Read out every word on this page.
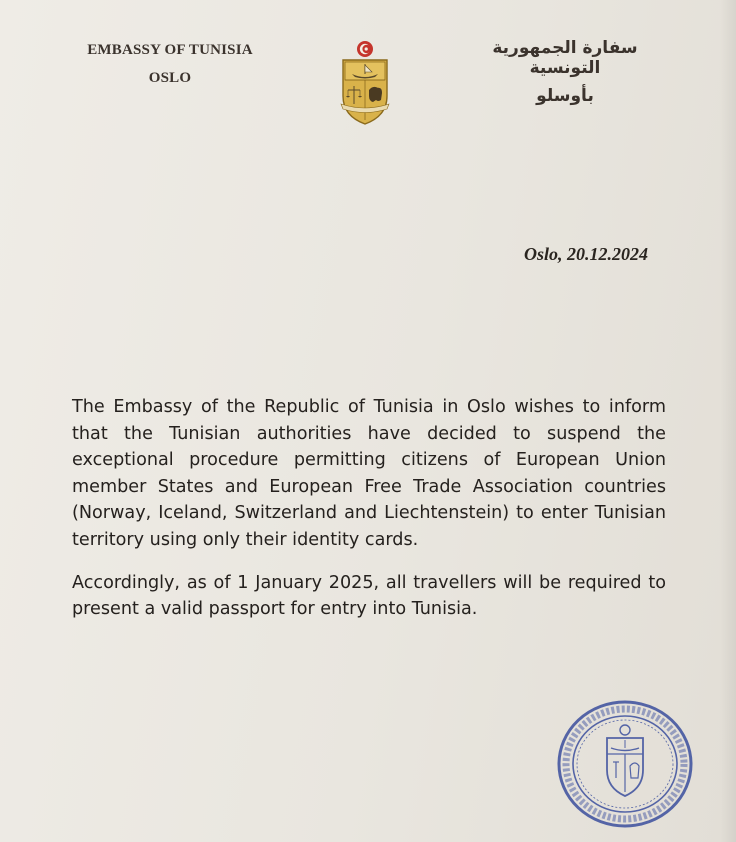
EMBASSY OF TUNISIA
OSLO
سفارة الجمهورية التونسية
بأوسلو
Oslo, 20.12.2024

The Embassy of the Republic of Tunisia in Oslo wishes to inform that the Tunisian authorities have decided to suspend the exceptional procedure permitting citizens of European Union member States and European Free Trade Association countries (Norway, Iceland, Switzerland and Liechtenstein) to enter Tunisian territory using only their identity cards.

Accordingly, as of 1 January 2025, all travellers will be required to present a valid passport for entry into Tunisia.
